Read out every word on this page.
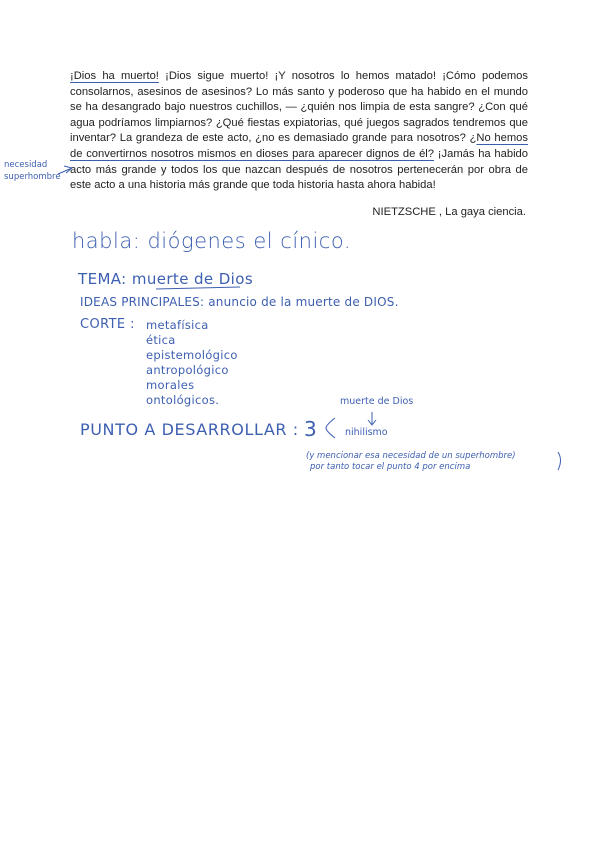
¡Dios ha muerto! ¡Dios sigue muerto! ¡Y nosotros lo hemos matado! ¡Cómo podemos consolarnos, asesinos de asesinos? Lo más santo y poderoso que ha habido en el mundo se ha desangrado bajo nuestros cuchillos, — ¿quién nos limpia de esta sangre? ¿Con qué agua podríamos limpiarnos? ¿Qué fiestas expiatorias, qué juegos sagrados tendremos que inventar? La grandeza de este acto, ¿no es demasiado grande para nosotros? ¿No hemos de convertirnos nosotros mismos en dioses para aparecer dignos de él? ¡Jamás ha habido acto más grande y todos los que nazcan después de nosotros pertenecerán por obra de este acto a una historia más grande que toda historia hasta ahora habida!
NIETZSCHE , La gaya ciencia.
necesidad
superhombre
habla: diógenes el cínico.
TEMA: muerte de Dios
IDEAS PRINCIPALES: anuncio de la muerte de DIOS.
CORTE : metafísica
ética
epistemológico
antropológico
morales
ontológicos.
PUNTO A DESARROLLAR : 3
muerte de Dios
nihilismo
(y mencionar esa necesidad de un superhombre)
por tanto tocar el punto 4 por encima
